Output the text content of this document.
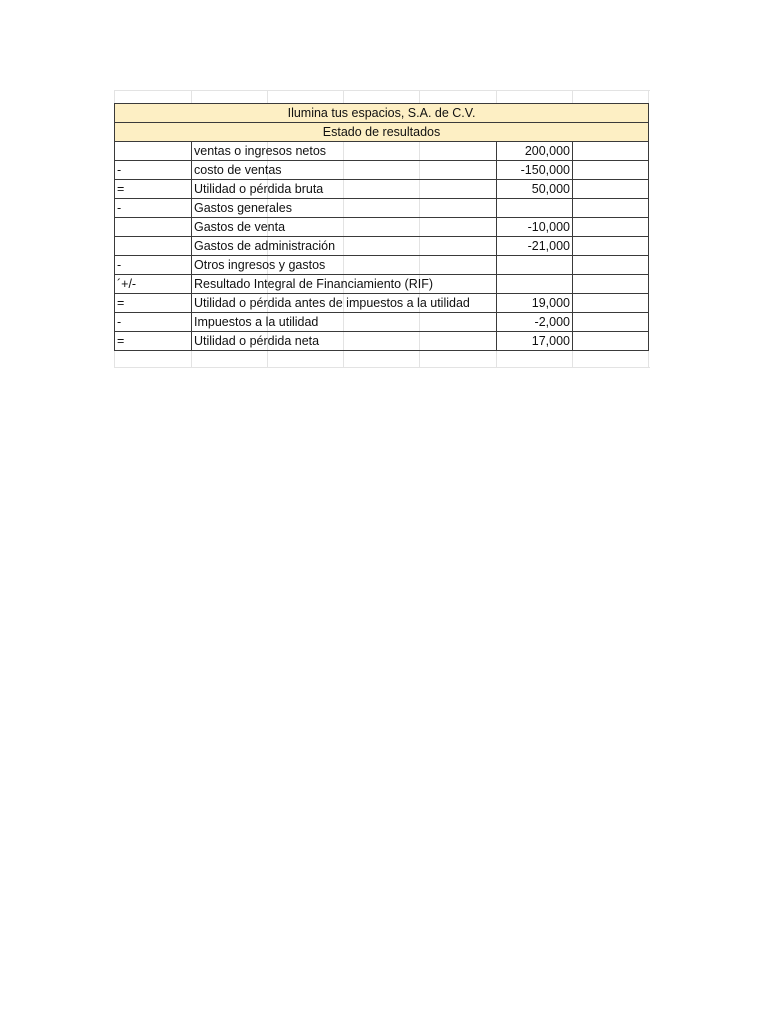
Ilumina tus espacios, S.A. de C.V.			
Estado de resultados			
	ventas o ingresos netos	200,000	
-	costo de ventas	-150,000	
=	Utilidad o pérdida bruta	50,000	
-	Gastos generales		
	Gastos de venta	-10,000	
	Gastos de administración	-21,000	
-	Otros ingresos y gastos		
´+/-	Resultado Integral de Financiamiento (RIF)		
=	Utilidad o pérdida antes de impuestos a la utilidad	19,000	
-	Impuestos a la utilidad	-2,000	
=	Utilidad o pérdida neta	17,000	
